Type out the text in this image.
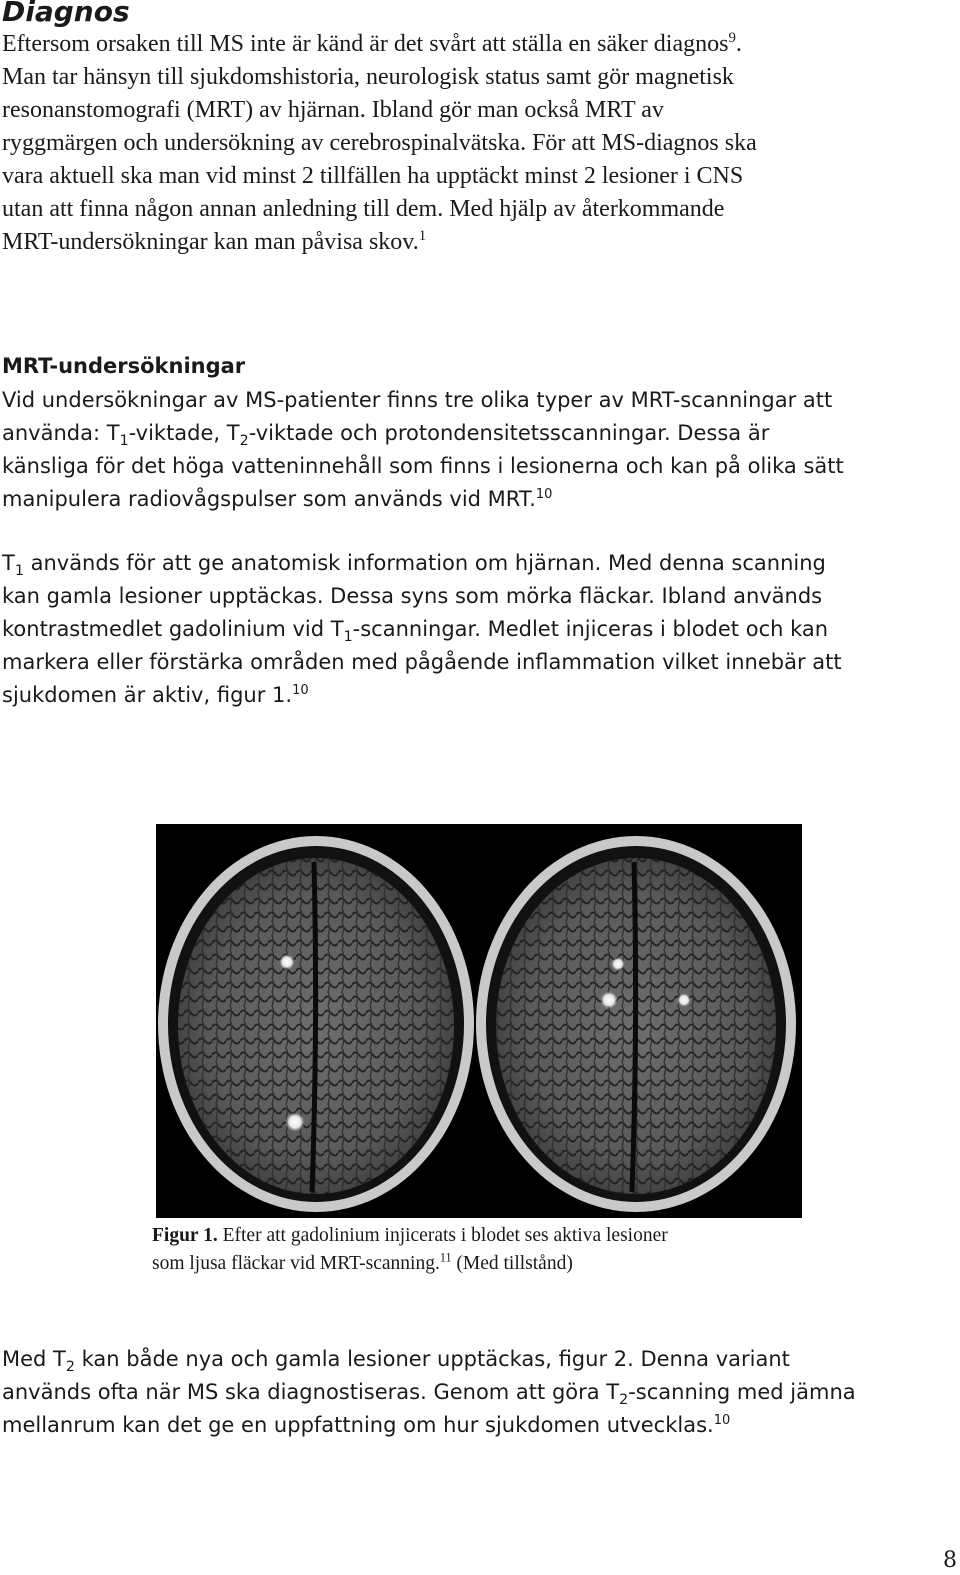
Diagnos
Eftersom orsaken till MS inte är känd är det svårt att ställa en säker diagnos$^9$.
Man tar hänsyn till sjukdomshistoria, neurologisk status samt gör magnetisk
resonanstomografi (MRT) av hjärnan. Ibland gör man också MRT av
ryggmärgen och undersökning av cerebrospinalvätska. För att MS-diagnos ska
vara aktuell ska man vid minst 2 tillfällen ha upptäckt minst 2 lesioner i CNS
utan att finna någon annan anledning till dem. Med hjälp av återkommande
MRT-undersökningar kan man påvisa skov.$^1$
MRT-undersökningar
Vid undersökningar av MS-patienter finns tre olika typer av MRT-scanningar att
använda: $T_1$-viktade, $T_2$-viktade och protondensitetsscanningar. Dessa är
känsliga för det höga vatteninnehåll som finns i lesionerna och kan på olika sätt
manipulera radiovågspulser som används vid MRT.$^{10}$
$T_1$ används för att ge anatomisk information om hjärnan. Med denna scanning
kan gamla lesioner upptäckas. Dessa syns som mörka fläckar. Ibland används
kontrastmedlet gadolinium vid $T_1$-scanningar. Medlet injiceras i blodet och kan
markera eller förstärka områden med pågående inflammation vilket innebär att
sjukdomen är aktiv, figur 1.10
Figur 1. Efter att gadolinium injicerats i blodet ses aktiva lesioner
som ljusa fläckar vid MRT-scanning.$^{11}$ (Med tillstånd)
Med $T_2$ kan både nya och gamla lesioner upptäckas, figur 2. Denna variant
används ofta när MS ska diagnostiseras. Genom att göra $T_2$-scanning med jämna
mellanrum kan det ge en uppfattning om hur sjukdomen utvecklas.$^{10}$
8
